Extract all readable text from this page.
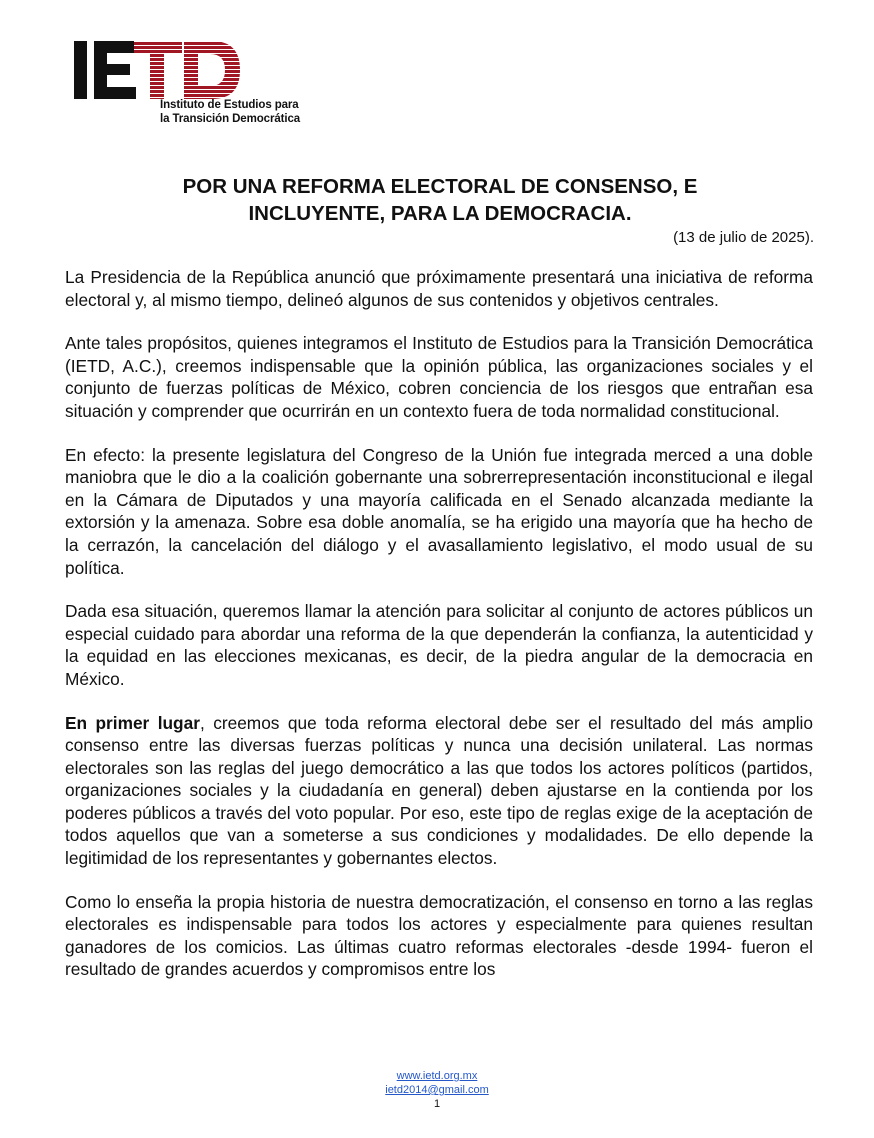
Instituto de Estudios para
la Transición Democrática
POR UNA REFORMA ELECTORAL DE CONSENSO, E
INCLUYENTE, PARA LA DEMOCRACIA.
(13 de julio de 2025).

La Presidencia de la República anunció que próximamente presentará una iniciativa de reforma electoral y, al mismo tiempo, delineó algunos de sus contenidos y objetivos centrales.

Ante tales propósitos, quienes integramos el Instituto de Estudios para la Transición Democrática (IETD, A.C.), creemos indispensable que la opinión pública, las organizaciones sociales y el conjunto de fuerzas políticas de México, cobren conciencia de los riesgos que entrañan esa situación y comprender que ocurrirán en un contexto fuera de toda normalidad constitucional.

En efecto: la presente legislatura del Congreso de la Unión fue integrada merced a una doble maniobra que le dio a la coalición gobernante una sobrerrepresentación inconstitucional e ilegal en la Cámara de Diputados y una mayoría calificada en el Senado alcanzada mediante la extorsión y la amenaza. Sobre esa doble anomalía, se ha erigido una mayoría que ha hecho de la cerrazón, la cancelación del diálogo y el avasallamiento legislativo, el modo usual de su política.

Dada esa situación, queremos llamar la atención para solicitar al conjunto de actores públicos un especial cuidado para abordar una reforma de la que dependerán la confianza, la autenticidad y la equidad en las elecciones mexicanas, es decir, de la piedra angular de la democracia en México.

En primer lugar, creemos que toda reforma electoral debe ser el resultado del más amplio consenso entre las diversas fuerzas políticas y nunca una decisión unilateral. Las normas electorales son las reglas del juego democrático a las que todos los actores políticos (partidos, organizaciones sociales y la ciudadanía en general) deben ajustarse en la contienda por los poderes públicos a través del voto popular. Por eso, este tipo de reglas exige de la aceptación de todos aquellos que van a someterse a sus condiciones y modalidades. De ello depende la legitimidad de los representantes y gobernantes electos.

Como lo enseña la propia historia de nuestra democratización, el consenso en torno a las reglas electorales es indispensable para todos los actores y especialmente para quienes resultan ganadores de los comicios. Las últimas cuatro reformas electorales -desde 1994- fueron el resultado de grandes acuerdos y compromisos entre los

www.ietd.org.mx
ietd2014@gmail.com
1
